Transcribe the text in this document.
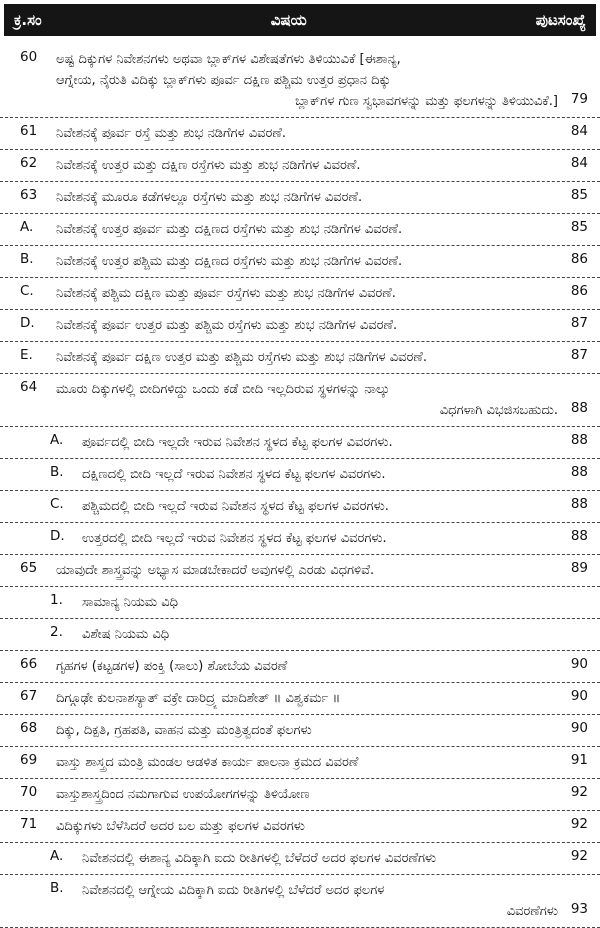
ಕ್ರ.ಸಂ	ವಿಷಯ	ಪುಟಸಂಖ್ಯೆ
60	ಅಷ್ಟ ದಿಕ್ಕುಗಳ ನಿವೇಶನಗಳು ಅಥವಾ ಬ್ಲಾಕ್‌ಗಳ ವಿಶೇಷತೆಗಳು ತಿಳಿಯುವಿಕೆ [ಈಶಾನ್ಯ,
ಆಗ್ನೇಯ, ನೈರುತಿ ವಿದಿಕ್ಕು ಬ್ಲಾಕ್‌ಗಳು ಪೂರ್ವ ದಕ್ಷಿಣ ಪಶ್ಚಿಮ ಉತ್ತರ ಪ್ರಧಾನ ದಿಕ್ಕು
ಬ್ಲಾಕ್‌ಗಳ ಗುಣ ಸ್ವಭಾವಗಳನ್ನು ಮತ್ತು ಫಲಗಳನ್ನು ತಿಳಿಯುವಿಕೆ.] 79
61	ನಿವೇಶನಕ್ಕೆ ಪೂರ್ವ ರಸ್ತೆ ಮತ್ತು ಶುಭ ನಡಿಗೆಗಳ ವಿವರಣೆ.	84
62	ನಿವೇಶನಕ್ಕೆ ಉತ್ತರ ಮತ್ತು ದಕ್ಷಿಣ ರಸ್ತೆಗಳು ಮತ್ತು ಶುಭ ನಡಿಗೆಗಳ ವಿವರಣೆ.	84
63	ನಿವೇಶನಕ್ಕೆ ಮೂರೂ ಕಡೆಗಳಲ್ಲೂ ರಸ್ತೆಗಳು ಮತ್ತು ಶುಭ ನಡಿಗೆಗಳ ವಿವರಣೆ.	85
A.	ನಿವೇಶನಕ್ಕೆ ಉತ್ತರ ಪೂರ್ವ ಮತ್ತು ದಕ್ಷಿಣದ ರಸ್ತೆಗಳು ಮತ್ತು ಶುಭ ನಡಿಗೆಗಳ ವಿವರಣೆ.	85
B.	ನಿವೇಶನಕ್ಕೆ ಉತ್ತರ ಪಶ್ಚಿಮ ಮತ್ತು ದಕ್ಷಿಣದ ರಸ್ತೆಗಳು ಮತ್ತು ಶುಭ ನಡಿಗೆಗಳ ವಿವರಣೆ.	86
C.	ನಿವೇಶನಕ್ಕೆ ಪಶ್ಚಿಮ ದಕ್ಷಿಣ ಮತ್ತು ಪೂರ್ವ ರಸ್ತೆಗಳು ಮತ್ತು ಶುಭ ನಡಿಗೆಗಳ ವಿವರಣೆ.	86
D.	ನಿವೇಶನಕ್ಕೆ ಪೂರ್ವ ಉತ್ತರ ಮತ್ತು ಪಶ್ಚಿಮ ರಸ್ತೆಗಳು ಮತ್ತು ಶುಭ ನಡಿಗೆಗಳ ವಿವರಣೆ.	87
E.	ನಿವೇಶನಕ್ಕೆ ಪೂರ್ವ ದಕ್ಷಿಣ ಉತ್ತರ ಮತ್ತು ಪಶ್ಚಿಮ ರಸ್ತೆಗಳು ಮತ್ತು ಶುಭ ನಡಿಗೆಗಳ ವಿವರಣೆ.	87
64	ಮೂರು ದಿಕ್ಕುಗಳಲ್ಲಿ ಬೀದಿಗಳಿದ್ದು ಒಂದು ಕಡೆ ಬೀದಿ ಇಲ್ಲದಿರುವ ಸ್ಥಳಗಳನ್ನು ನಾಲ್ಕು
ವಿಧಗಳಾಗಿ ವಿಭಜಿಸಬಹುದು. 88
A.	ಪೂರ್ವದಲ್ಲಿ ಬೀದಿ ಇಲ್ಲದೇ ಇರುವ ನಿವೇಶನ ಸ್ಥಳದ ಕೆಟ್ಟ ಫಲಗಳ ವಿವರಗಳು.	88
B.	ದಕ್ಷಿಣದಲ್ಲಿ ಬೀದಿ ಇಲ್ಲದೆ ಇರುವ ನಿವೇಶನ ಸ್ಥಳದ ಕೆಟ್ಟ ಫಲಗಳ ವಿವರಗಳು.	88
C.	ಪಶ್ಚಿಮದಲ್ಲಿ ಬೀದಿ ಇಲ್ಲದೆ ಇರುವ ನಿವೇಶನ ಸ್ಥಳದ ಕೆಟ್ಟ ಫಲಗಳ ವಿವರಗಳು.	88
D.	ಉತ್ತರದಲ್ಲಿ ಬೀದಿ ಇಲ್ಲದೆ ಇರುವ ನಿವೇಶನ ಸ್ಥಳದ ಕೆಟ್ಟ ಫಲಗಳ ವಿವರಗಳು.	88
65	ಯಾವುದೇ ಶಾಸ್ತ್ರವನ್ನು ಅಭ್ಯಾಸ ಮಾಡಬೇಕಾದರೆ ಅವುಗಳಲ್ಲಿ ಎರಡು ವಿಧಗಳಿವೆ.	89
1.	ಸಾಮಾನ್ಯ ನಿಯಮ ವಿಧಿ
2.	ವಿಶೇಷ ನಿಯಮ ವಿಧಿ
66	ಗೃಹಗಳ (ಕಟ್ಟಡಗಳ) ಪಂಕ್ತಿ (ಸಾಲು) ಶೋಬೆಯ ವಿವರಣೆ	90
67	ದಿಗ್ಗೂಢೇ ಕುಲನಾಶಸ್ಯಾತ್ ವಕ್ರೇ ದಾರಿದ್ರ್ಯ ಮಾದಿಶೇತ್ ॥ ವಿಶ್ವಕರ್ಮ ॥	90
68	ದಿಕ್ಕು, ದಿಕ್ಪತಿ, ಗ್ರಹಪತಿ, ವಾಹನ ಮತ್ತು ಮಂತ್ರಿತ್ವದಂತೆ ಫಲಗಳು	90
69	ವಾಸ್ತು ಶಾಸ್ತ್ರದ ಮಂತ್ರಿ ಮಂಡಲ ಆಡಳಿತ ಕಾರ್ಯ ಪಾಲನಾ ಕ್ರಮದ ವಿವರಣೆ	91
70	ವಾಸ್ತುಶಾಸ್ತ್ರದಿಂದ ನಮಗಾಗುವ ಉಪಯೋಗಗಳನ್ನು ತಿಳಿಯೋಣ	92
71	ವಿದಿಕ್ಕುಗಳು ಬೆಳೆಸಿದರೆ ಅದರ ಬಲ ಮತ್ತು ಫಲಗಳ ವಿವರಗಳು	92
A.	ನಿವೇಶನದಲ್ಲಿ ಈಶಾನ್ಯ ವಿದಿಕ್ಕಾಗಿ ಐದು ರೀತಿಗಳಲ್ಲಿ ಬೆಳೆದರೆ ಅದರ ಫಲಗಳ ವಿವರಣೆಗಳು	92
B.	ನಿವೇಶನದಲ್ಲಿ ಆಗ್ನೇಯ ವಿದಿಕ್ಕಾಗಿ ಐದು ರೀತಿಗಳಲ್ಲಿ ಬೆಳೆದರೆ ಅದರ ಫಲಗಳ
ವಿವರಣೆಗಳು 93
